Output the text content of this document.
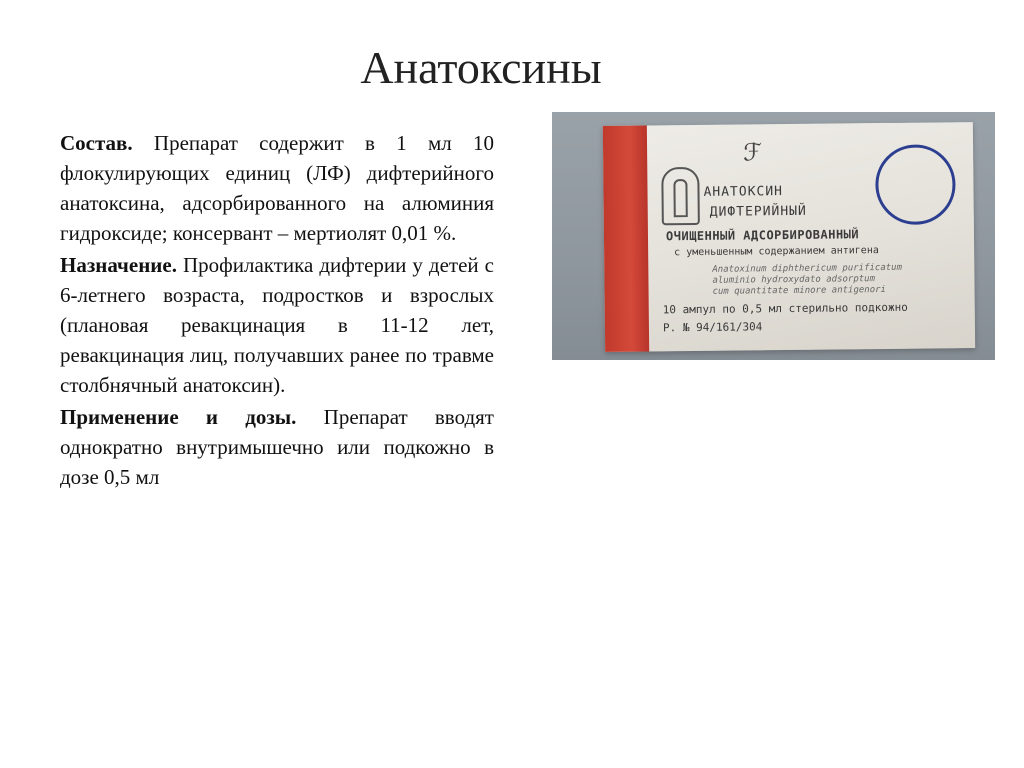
Анатоксины

Состав. Препарат содержит в 1 мл 10 флокулирующих единиц (ЛФ) дифтерийного анатоксина, адсорбированного на алюминия гидроксиде; консервант – мертиолят 0,01 %.

Назначение. Профилактика дифтерии у детей с 6-летнего возраста, подростков и взрослых (плановая ревакцинация в 11-12 лет, ревакцинация лиц, получавших ранее по травме столбнячный анатоксин).

Применение и дозы. Препарат вводят однократно внутримышечно или подкожно в дозе 0,5 мл

ℱ
АНАТОКСИН
ДИФТЕРИЙНЫЙ
ОЧИЩЕННЫЙ АДСОРБИРОВАННЫЙ
с уменьшенным содержанием антигена
Anatoxinum diphthericum purificatum
aluminio hydroxydato adsorptum
cum quantitate minore antigenori
10 ампул по 0,5 мл стерильно подкожно
Р. № 94/161/304
